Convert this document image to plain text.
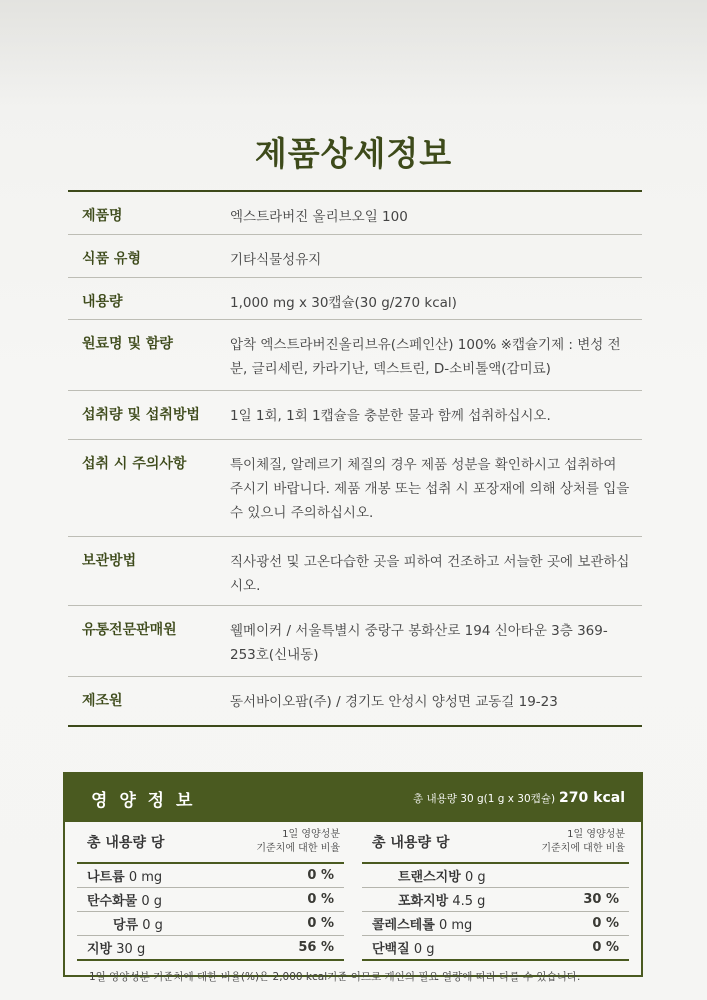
제품상세정보
제품명	엑스트라버진 올리브오일 100
식품 유형	기타식물성유지
내용량	1,000 mg x 30캡슐(30 g/270 kcal)
원료명 및 함량	압착 엑스트라버진올리브유(스페인산) 100% ※캡슐기제 : 변성 전분, 글리세린, 카라기난, 덱스트린, D-소비톨액(감미료)
섭취량 및 섭취방법	1일 1회, 1회 1캡슐을 충분한 물과 함께 섭취하십시오.
섭취 시 주의사항	특이체질, 알레르기 체질의 경우 제품 성분을 확인하시고 섭취하여 주시기 바랍니다. 제품 개봉 또는 섭취 시 포장재에 의해 상처를 입을 수 있으니 주의하십시오.
보관방법	직사광선 및 고온다습한 곳을 피하여 건조하고 서늘한 곳에 보관하십시오.
유통전문판매원	웰메이커 / 서울특별시 중랑구 봉화산로 194 신아타운 3층 369-253호(신내동)
제조원	동서바이오팜(주) / 경기도 안성시 양성면 교동길 19-23
영 양 정 보	총 내용량 30 g(1 g x 30캡슐) 270 kcal
총 내용량 당
1일 영양성분
기준치에 대한 비율
나트륨 0 mg	0 %
탄수화물 0 g	0 %
당류 0 g	0 %
지방 30 g	56 %
총 내용량 당
1일 영양성분
기준치에 대한 비율
트랜스지방 0 g
포화지방 4.5 g	30 %
콜레스테롤 0 mg	0 %
단백질 0 g	0 %
1일 영양성분 기준치에 대한 비율(%)은 2,000 kcal기준 이므로 개인의 필요 열량에 따라 다를 수 있습니다.
